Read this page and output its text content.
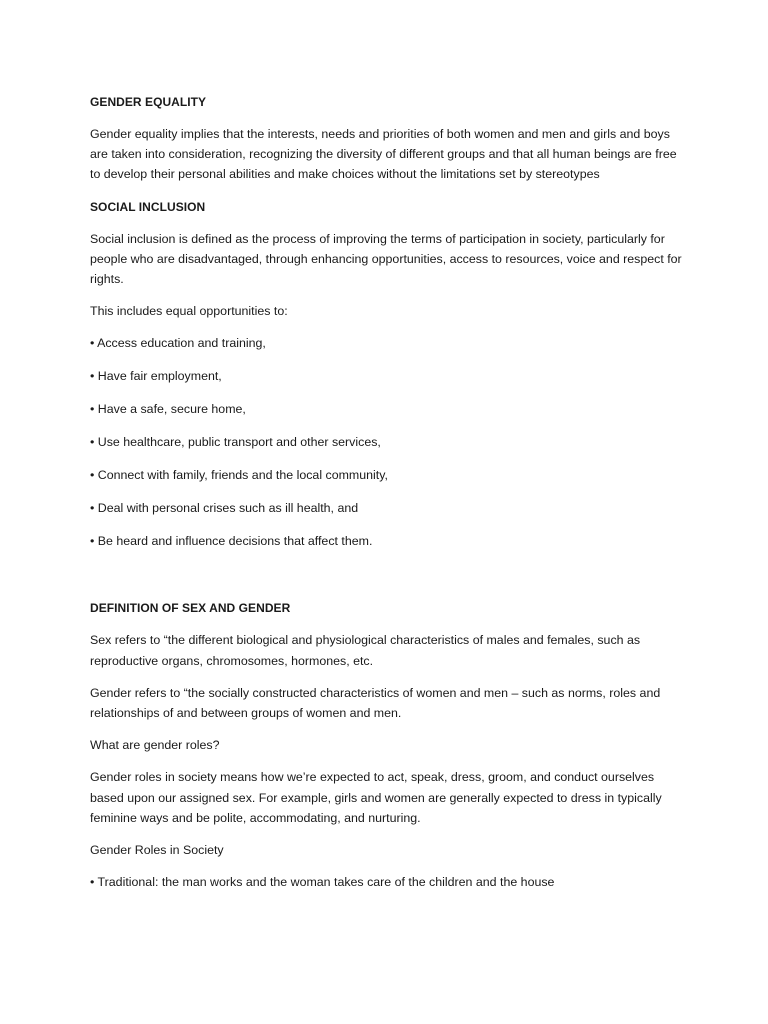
GENDER EQUALITY
Gender equality implies that the interests, needs and priorities of both women and men and girls and boys are taken into consideration, recognizing the diversity of different groups and that all human beings are free to develop their personal abilities and make choices without the limitations set by stereotypes
SOCIAL INCLUSION
Social inclusion is defined as the process of improving the terms of participation in society, particularly for people who are disadvantaged, through enhancing opportunities, access to resources, voice and respect for rights.
This includes equal opportunities to:
• Access education and training,
• Have fair employment,
• Have a safe, secure home,
• Use healthcare, public transport and other services,
• Connect with family, friends and the local community,
• Deal with personal crises such as ill health, and
• Be heard and influence decisions that affect them.
DEFINITION OF SEX AND GENDER
Sex refers to “the different biological and physiological characteristics of males and females, such as reproductive organs, chromosomes, hormones, etc.
Gender refers to “the socially constructed characteristics of women and men – such as norms, roles and relationships of and between groups of women and men.
What are gender roles?
Gender roles in society means how we’re expected to act, speak, dress, groom, and conduct ourselves based upon our assigned sex. For example, girls and women are generally expected to dress in typically feminine ways and be polite, accommodating, and nurturing.
Gender Roles in Society
• Traditional: the man works and the woman takes care of the children and the house
